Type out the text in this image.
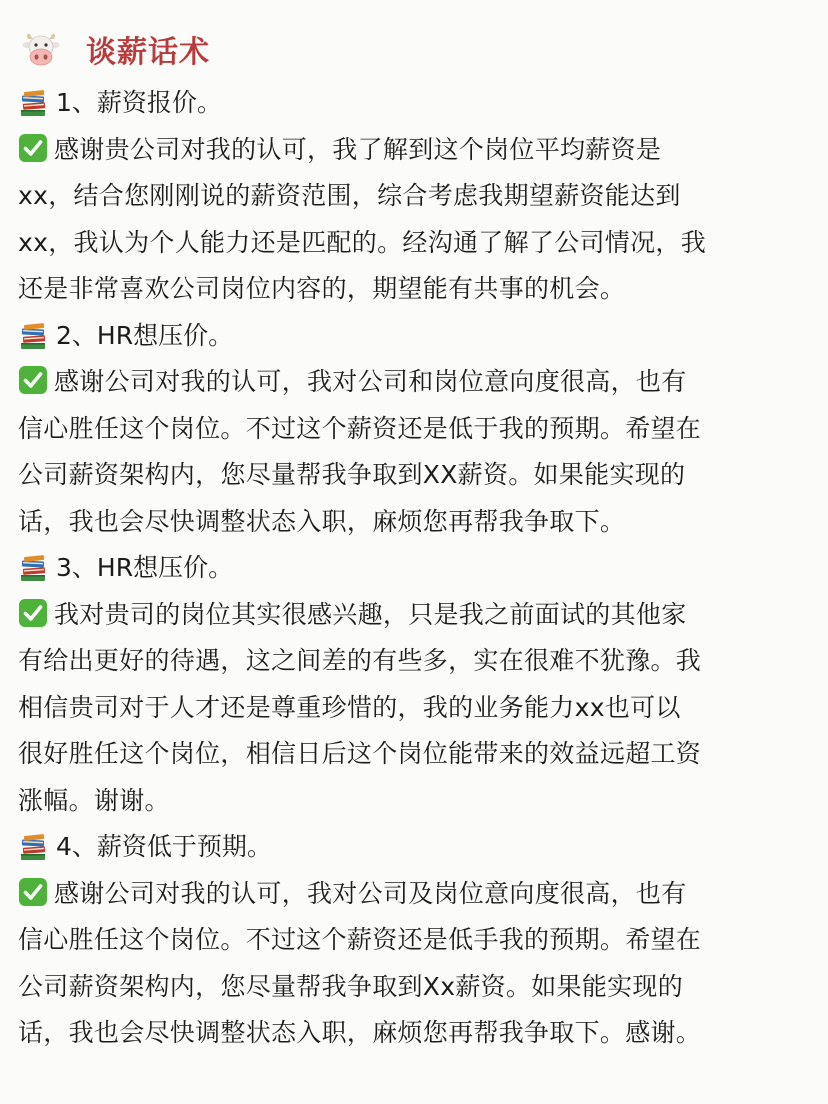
谈薪话术
1、薪资报价。
感谢贵公司对我的认可，我了解到这个岗位平均薪资是
xx，结合您刚刚说的薪资范围，综合考虑我期望薪资能达到
xx，我认为个人能力还是匹配的。经沟通了解了公司情况，我
还是非常喜欢公司岗位内容的，期望能有共事的机会。
2、HR想压价。
感谢公司对我的认可，我对公司和岗位意向度很高，也有
信心胜任这个岗位。不过这个薪资还是低于我的预期。希望在
公司薪资架构内，您尽量帮我争取到XX薪资。如果能实现的
话，我也会尽快调整状态入职，麻烦您再帮我争取下。
3、HR想压价。
我对贵司的岗位其实很感兴趣，只是我之前面试的其他家
有给出更好的待遇，这之间差的有些多，实在很难不犹豫。我
相信贵司对于人才还是尊重珍惜的，我的业务能力xx也可以
很好胜任这个岗位，相信日后这个岗位能带来的效益远超工资
涨幅。谢谢。
4、薪资低于预期。
感谢公司对我的认可，我对公司及岗位意向度很高，也有
信心胜任这个岗位。不过这个薪资还是低手我的预期。希望在
公司薪资架构内，您尽量帮我争取到Xx薪资。如果能实现的
话，我也会尽快调整状态入职，麻烦您再帮我争取下。感谢。
